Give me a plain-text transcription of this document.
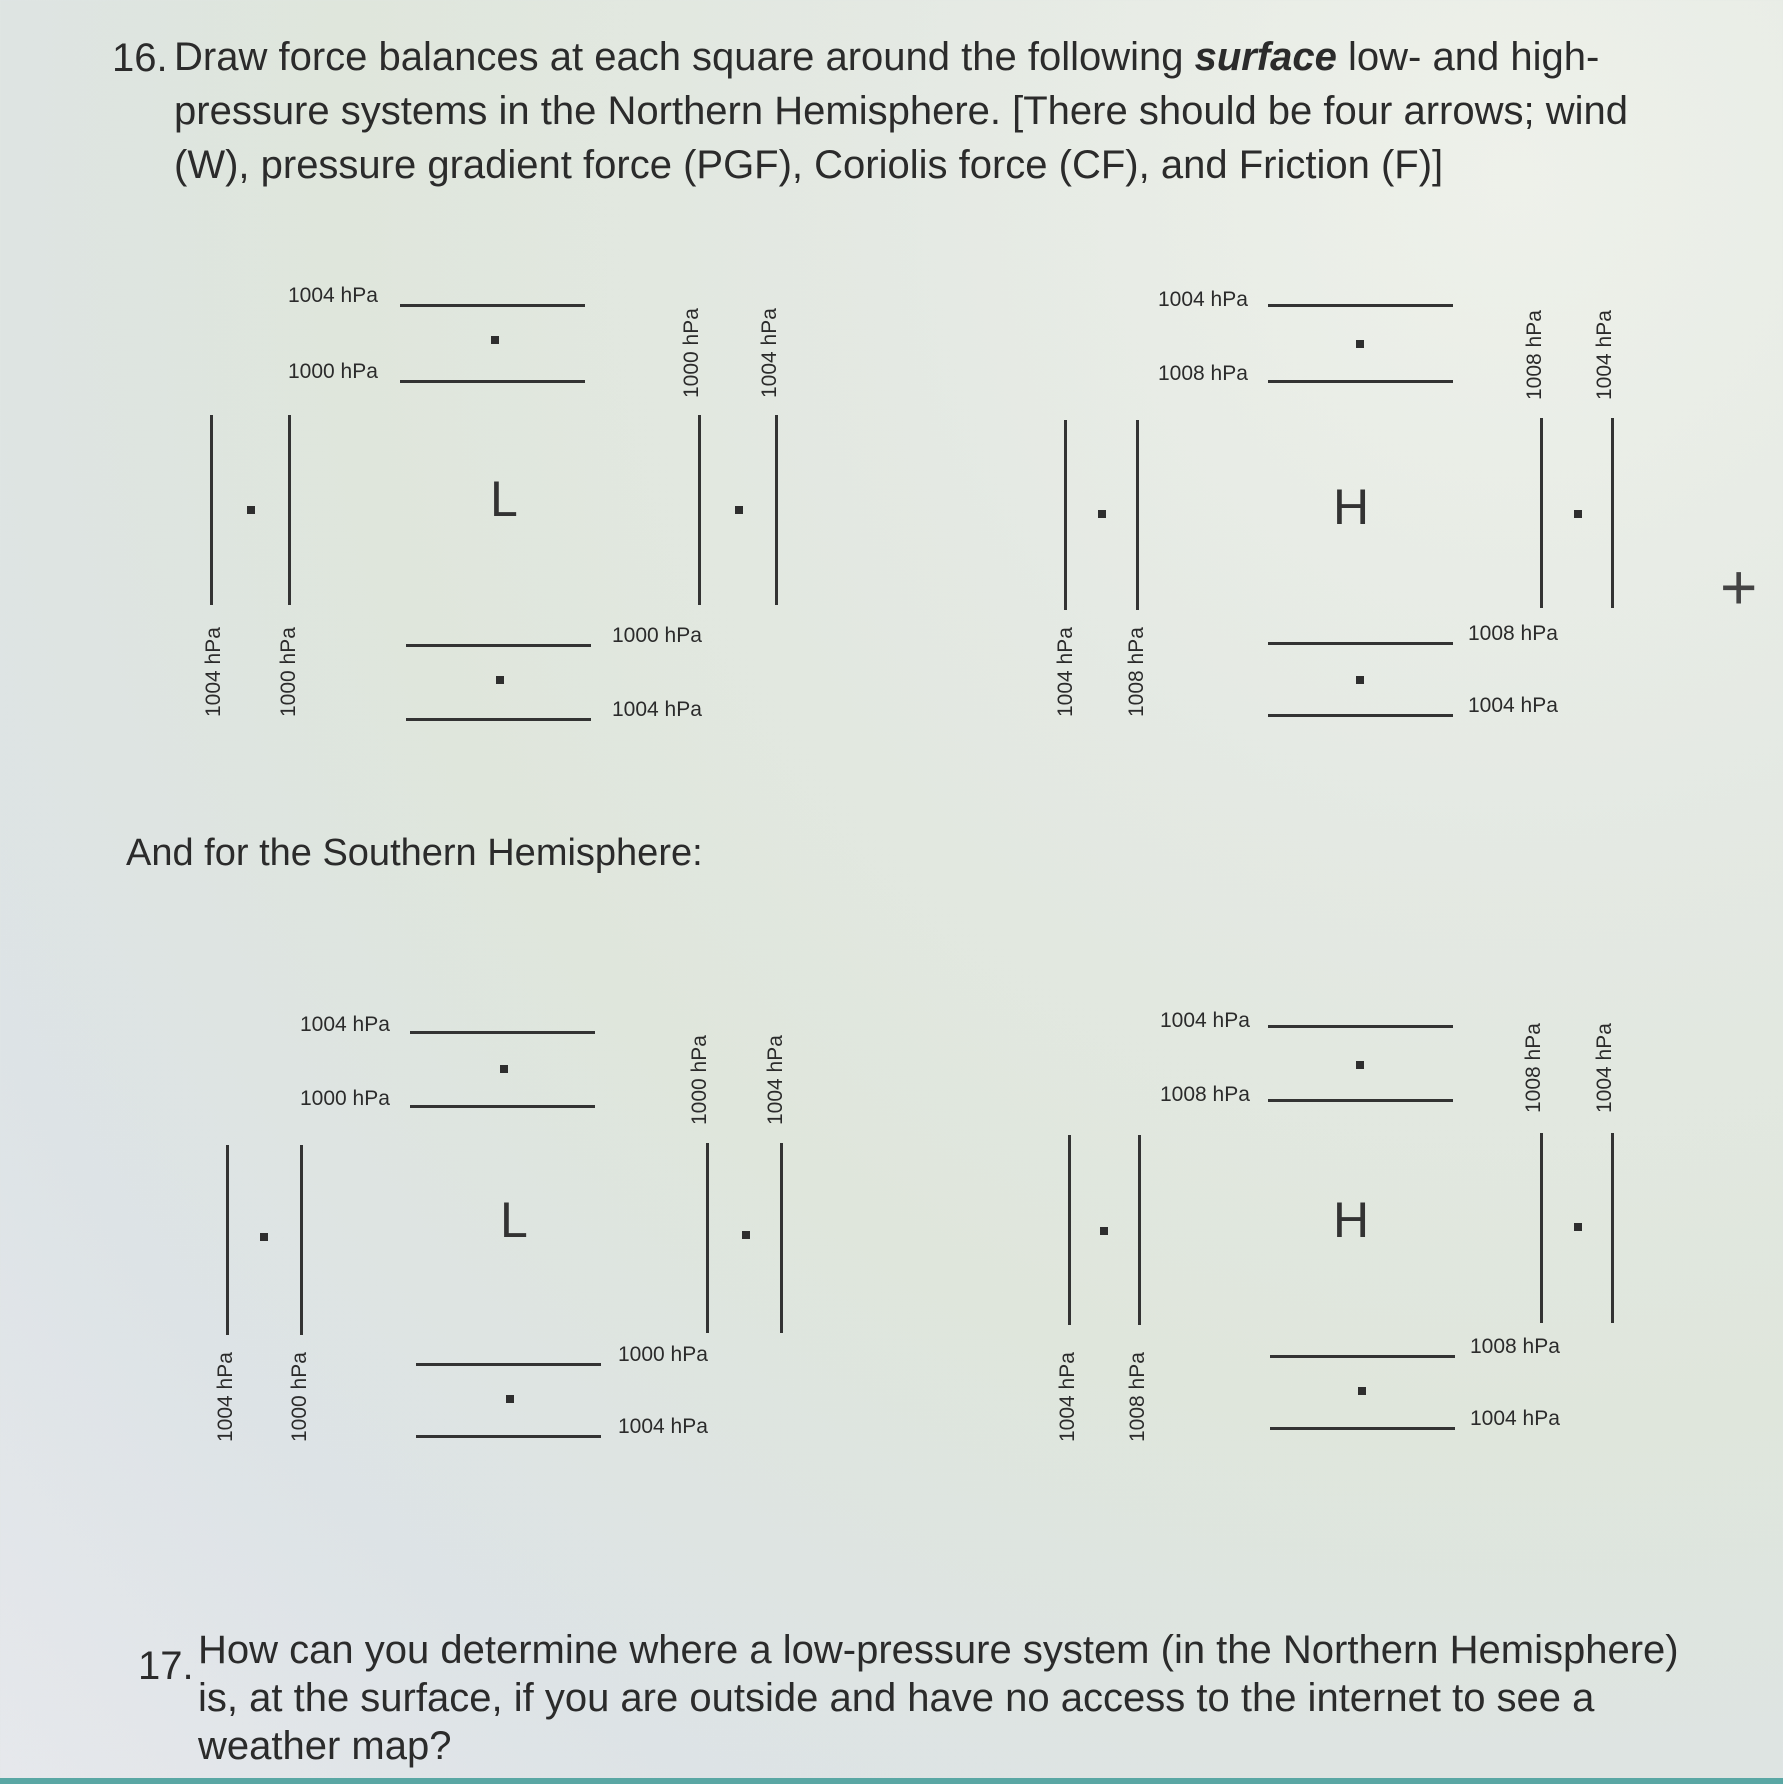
16. Draw force balances at each square around the following surface low- and high-
pressure systems in the Northern Hemisphere. [There should be four arrows; wind
(W), pressure gradient force (PGF), Coriolis force (CF), and Friction (F)]
1004 hPa
1000 hPa
1004 hPa 1000 hPa
L
1000 hPa	1004 hPa
1000 hPa
1004 hPa
1004 hPa
1008 hPa
1004 hPa 1008 hPa
H
1008 hPa 1004 hPa
1008 hPa
1004 hPa
+
And for the Southern Hemisphere:
1004 hPa
1000 hPa
1004 hPa 1000 hPa
L
1000 hPa	1004 hPa
1000 hPa
1004 hPa
1004 hPa
1008 hPa
1004 hPa 1008 hPa
H
1008 hPa 1004 hPa
1008 hPa
1004 hPa
17. How can you determine where a low-pressure system (in the Northern Hemisphere)
is, at the surface, if you are outside and have no access to the internet to see a
weather map?
